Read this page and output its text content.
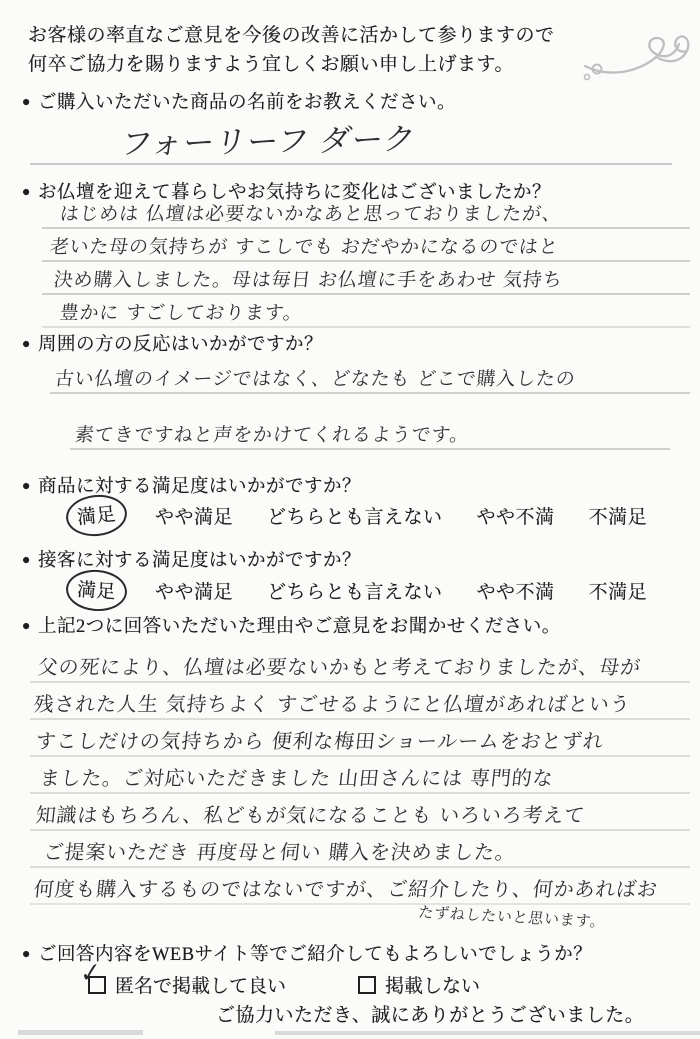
お客様の率直なご意見を今後の改善に活かして参りますので
何卒ご協力を賜りますよう宜しくお願い申し上げます。
● ご購入いただいた商品の名前をお教えください。
フォーリーフ ダーク
● お仏壇を迎えて暮らしやお気持ちに変化はございましたか？
はじめは 仏壇は必要ないかなあと思っておりましたが、
老いた母の気持ちが すこしでも おだやかになるのではと
決め購入しました。母は毎日 お仏壇に手をあわせ 気持ち
豊かに すごしております。
● 周囲の方の反応はいかがですか？
古い仏壇のイメージではなく、どなたも どこで購入したの
素てきですねと声をかけてくれるようです。
● 商品に対する満足度はいかがですか？
満足	やや満足 どちらとも言えない やや不満 不満足
● 接客に対する満足度はいかがですか？
満足	やや満足 どちらとも言えない やや不満 不満足
● 上記2つに回答いただいた理由やご意見をお聞かせください。
父の死により、仏壇は必要ないかもと考えておりましたが、母が
残された人生 気持ちよく すごせるようにと仏壇があればという
すこしだけの気持ちから 便利な梅田ショールームをおとずれ
ました。ご対応いただきました 山田さんには 専門的な
知識はもちろん、私どもが気になることも いろいろ考えて
ご提案いただき 再度母と伺い 購入を決めました。
何度も購入するものではないですが、ご紹介したり、何かあればお
たずねしたいと思います。
● ご回答内容をWEBサイト等でご紹介してもよろしいでしょうか？
匿名で掲載して良い
✓	掲載しない
ご協力いただき、誠にありがとうございました。
